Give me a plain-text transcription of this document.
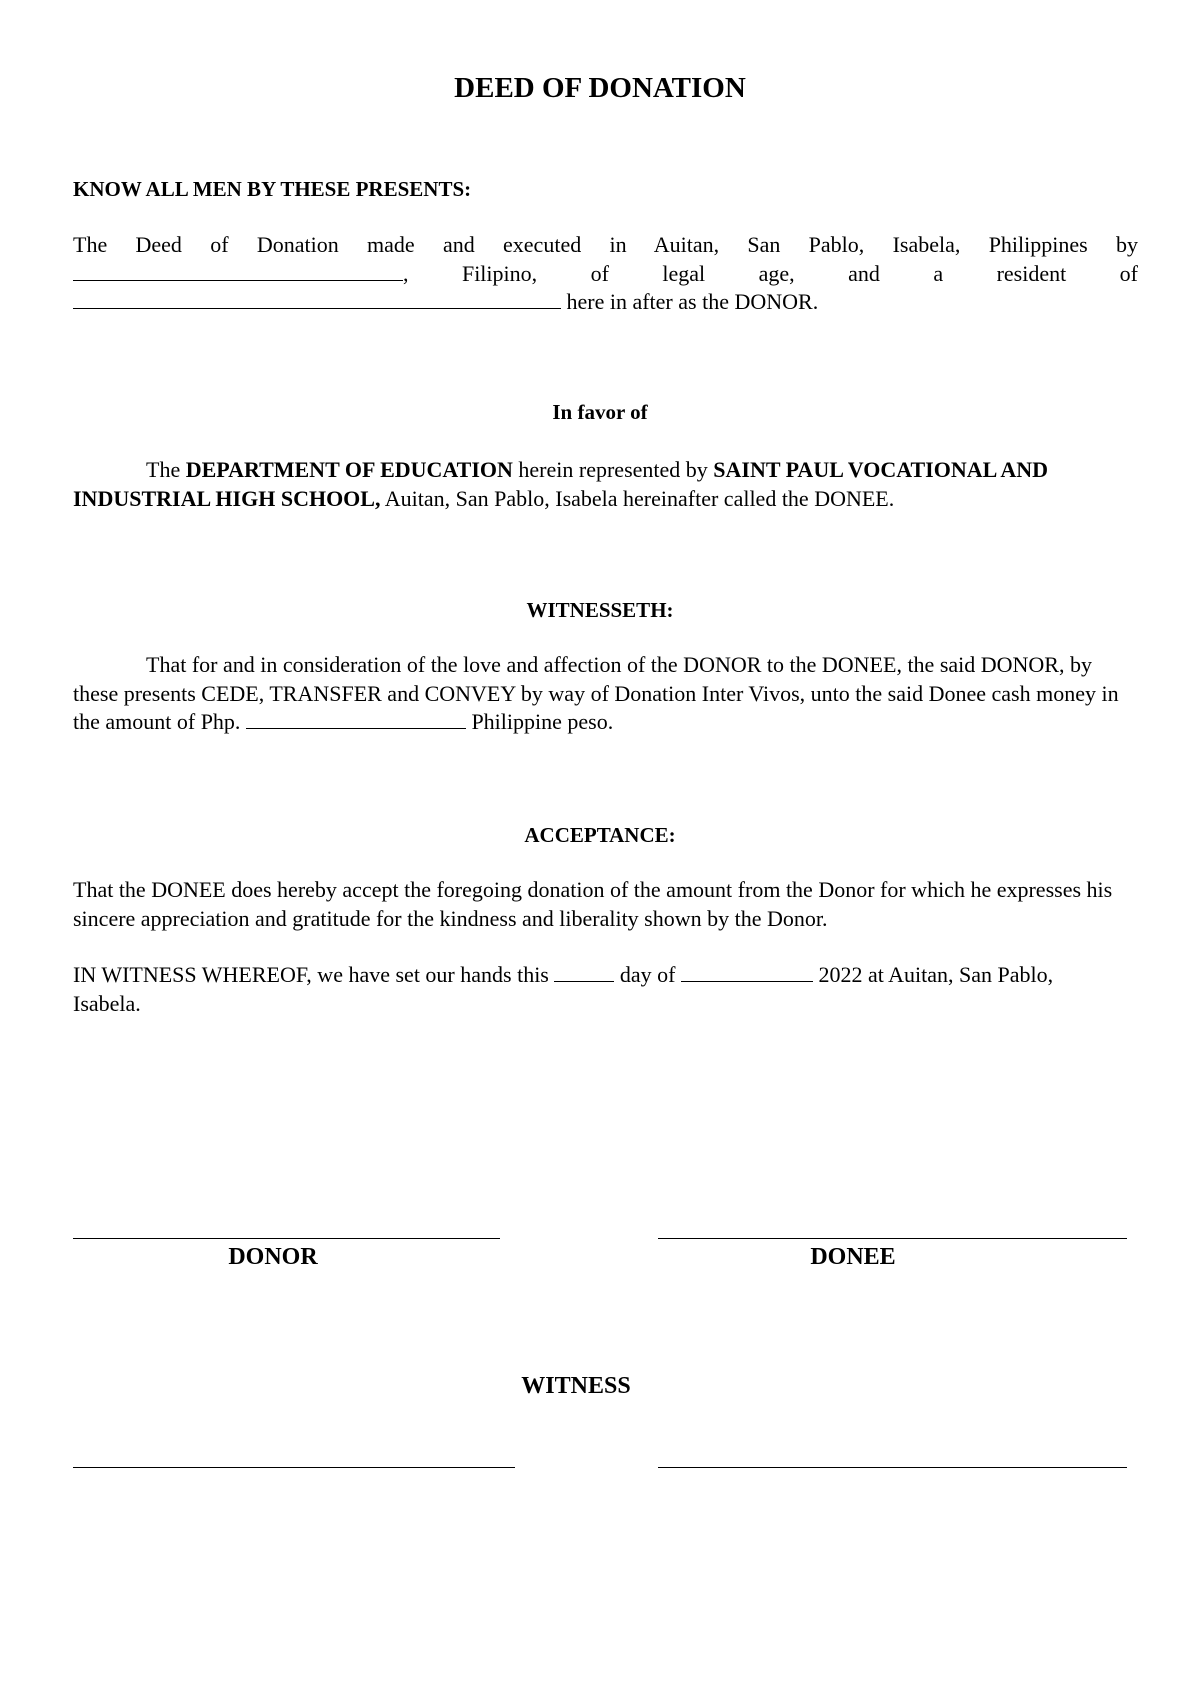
DEED OF DONATION
KNOW ALL MEN BY THESE PRESENTS:
The Deed of Donation made and executed in Auitan, San Pablo, Isabela, Philippines by , Filipino, of legal age, and a resident of  here in after as the DONOR.
In favor of
The DEPARTMENT OF EDUCATION herein represented by SAINT PAUL VOCATIONAL AND INDUSTRIAL HIGH SCHOOL, Auitan, San Pablo, Isabela hereinafter called the DONEE.
WITNESSETH:
That for and in consideration of the love and affection of the DONOR to the DONEE, the said DONOR, by these presents CEDE, TRANSFER and CONVEY by way of Donation Inter Vivos, unto the said Donee cash money in the amount of Php.	Philippine peso.
ACCEPTANCE:
That the DONEE does hereby accept the foregoing donation of the amount from the Donor for which he expresses his sincere appreciation and gratitude for the kindness and liberality shown by the Donor.
IN WITNESS WHEREOF, we have set our hands this	day of	2022 at Auitan, San Pablo, Isabela.
DONOR	DONEE
WITNESS
